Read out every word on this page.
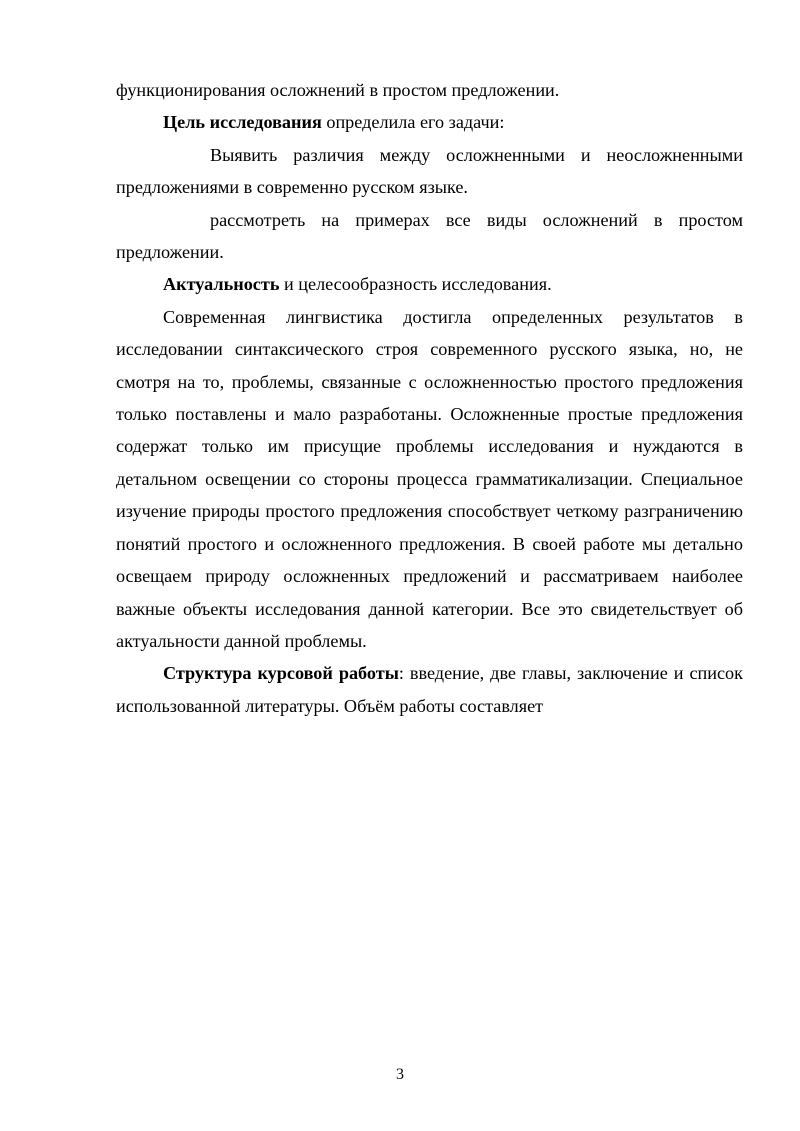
функционирования осложнений в простом предложении.

Цель исследования определила его задачи:

Выявить различия между осложненными и неосложненными предложениями в современно русском языке.

рассмотреть на примерах все виды осложнений в простом предложении.

Актуальность и целесообразность исследования.

Современная лингвистика достигла определенных результатов в исследовании синтаксического строя современного русского языка, но, не смотря на то, проблемы, связанные с осложненностью простого предложения только поставлены и мало разработаны. Осложненные простые предложения содержат только им присущие проблемы исследования и нуждаются в детальном освещении со стороны процесса грамматикализации. Специальное изучение природы простого предложения способствует четкому разграничению понятий простого и осложненного предложения. В своей работе мы детально освещаем природу осложненных предложений и рассматриваем наиболее важные объекты исследования данной категории. Все это свидетельствует об актуальности данной проблемы.

Структура курсовой работы: введение, две главы, заключение и список использованной литературы. Объём работы составляет

3
